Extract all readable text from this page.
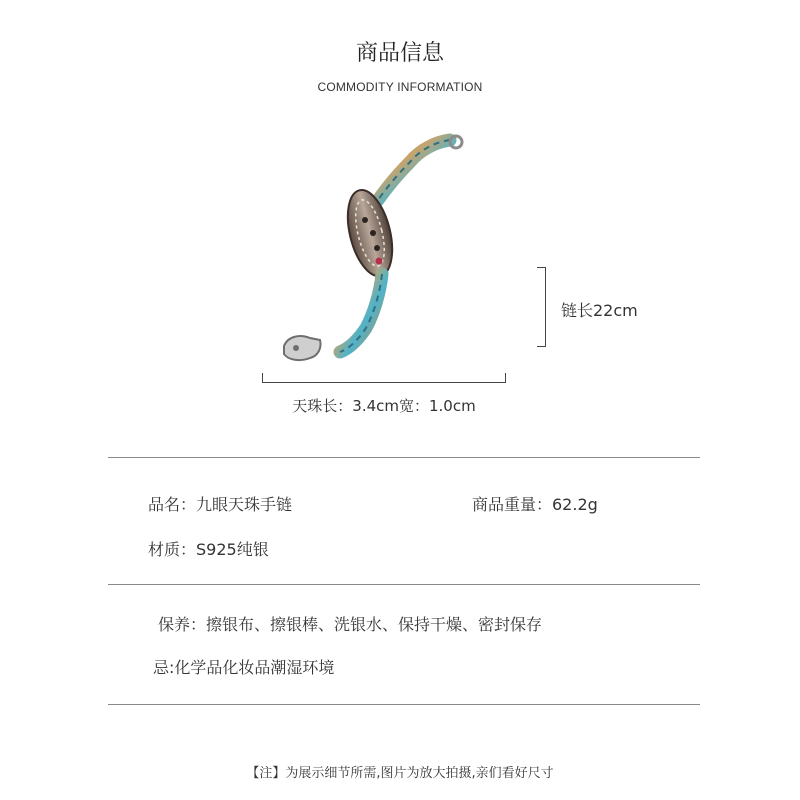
商品信息
COMMODITY INFORMATION
链长22cm
天珠长：3.4cm宽：1.0cm
品名：九眼天珠手链	商品重量：62.2g
材质：S925纯银
保养：擦银布、擦银棒、洗银水、保持干燥、密封保存
忌:化学品化妆品潮湿环境
【注】为展示细节所需,图片为放大拍摄,亲们看好尺寸
